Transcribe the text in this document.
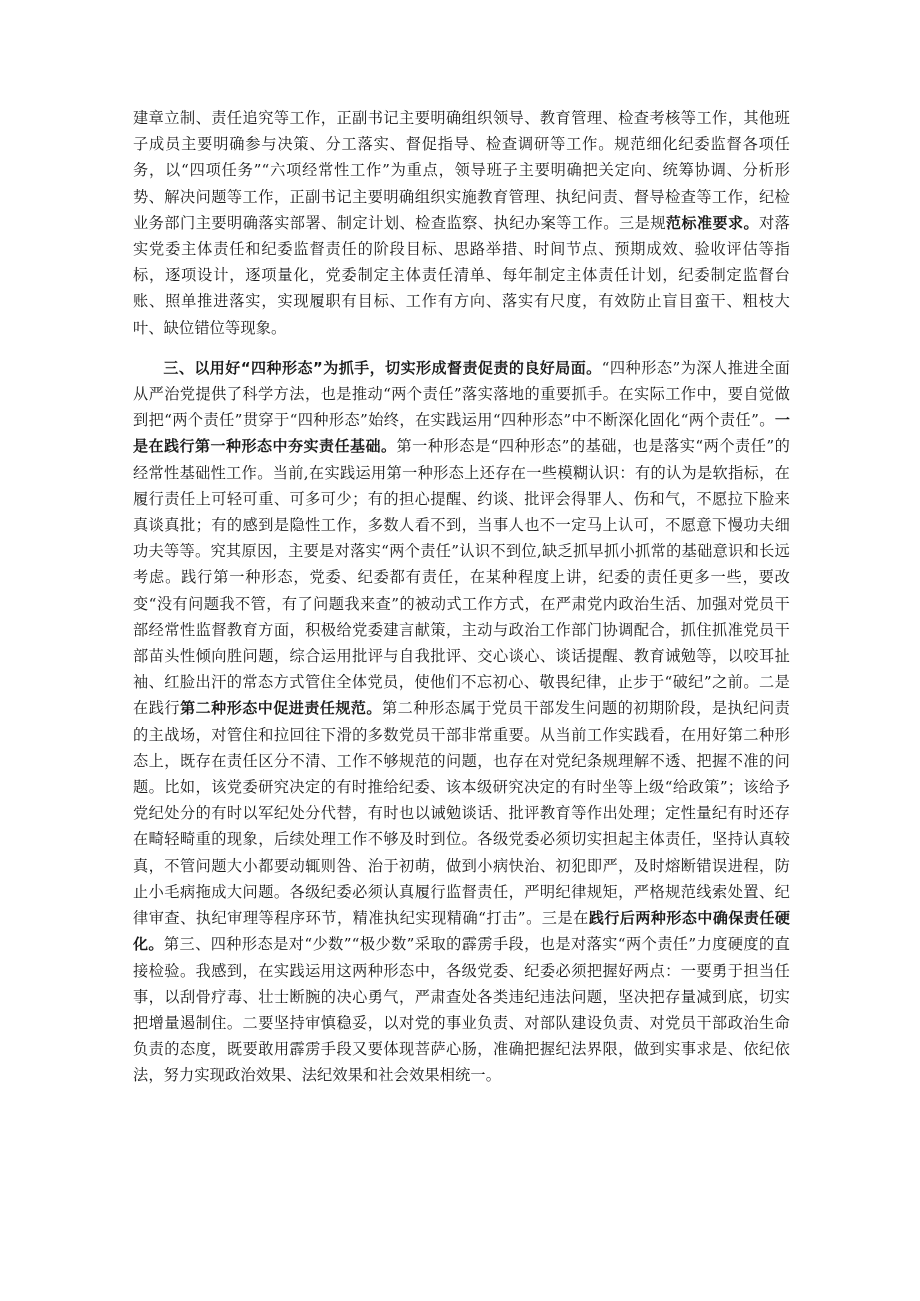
建章立制、责任追究等工作，正副书记主要明确组织领导、教育管理、检查考核等工作，其他班子成员主要明确参与决策、分工落实、督促指导、检查调研等工作。规范细化纪委监督各项任务，以“四项任务”“六项经常性工作”为重点，领导班子主要明确把关定向、统筹协调、分析形势、解决问题等工作，正副书记主要明确组织实施教育管理、执纪问责、督导检查等工作，纪检业务部门主要明确落实部署、制定计划、检查监察、执纪办案等工作。三是规范标准要求。对落实党委主体责任和纪委监督责任的阶段目标、思路举措、时间节点、预期成效、验收评估等指标，逐项设计，逐项量化，党委制定主体责任清单、每年制定主体责任计划，纪委制定监督台账、照单推进落实，实现履职有目标、工作有方向、落实有尺度，有效防止盲目蛮干、粗枝大叶、缺位错位等现象。

三、以用好“四种形态”为抓手，切实形成督责促责的良好局面。“四种形态”为深人推进全面从严治党提供了科学方法，也是推动“两个责任”落实落地的重要抓手。在实际工作中，要自觉做到把“两个责任”贯穿于“四种形态”始终，在实践运用“四种形态”中不断深化固化“两个责任”。一是在践行第一种形态中夯实责任基础。第一种形态是“四种形态”的基础，也是落实“两个责任”的经常性基础性工作。当前,在实践运用第一种形态上还存在一些模糊认识：有的认为是软指标，在履行责任上可轻可重、可多可少；有的担心提醒、约谈、批评会得罪人、伤和气，不愿拉下脸来真谈真批；有的感到是隐性工作，多数人看不到，当事人也不一定马上认可，不愿意下慢功夫细功夫等等。究其原因，主要是对落实“两个责任”认识不到位,缺乏抓早抓小抓常的基础意识和长远考虑。践行第一种形态，党委、纪委都有责任，在某种程度上讲，纪委的责任更多一些，要改变“没有问题我不管，有了问题我来查”的被动式工作方式，在严肃党内政治生活、加强对党员干部经常性监督教育方面，积极给党委建言献策，主动与政治工作部门协调配合，抓住抓准党员干部苗头性倾向胜问题，综合运用批评与自我批评、交心谈心、谈话提醒、教育诫勉等，以咬耳扯袖、红脸出汗的常态方式管住全体党员，使他们不忘初心、敬畏纪律，止步于“破纪”之前。二是在践行第二种形态中促进责任规范。第二种形态属于党员干部发生问题的初期阶段，是执纪问责的主战场，对管住和拉回往下滑的多数党员干部非常重要。从当前工作实践看，在用好第二种形态上，既存在责任区分不清、工作不够规范的问题，也存在对党纪条规理解不透、把握不准的问题。比如，该党委研究决定的有时推给纪委、该本级研究决定的有时坐等上级“给政策”；该给予党纪处分的有时以军纪处分代替，有时也以诫勉谈话、批评教育等作出处理；定性量纪有时还存在畸轻畸重的现象，后续处理工作不够及时到位。各级党委必须切实担起主体责任，坚持认真较真，不管问题大小都要动辄则咎、治于初萌，做到小病快治、初犯即严，及时熔断错误进程，防止小毛病拖成大问题。各级纪委必须认真履行监督责任，严明纪律规矩，严格规范线索处置、纪律审查、执纪审理等程序环节，精准执纪实现精确“打击”。三是在践行后两种形态中确保责任硬化。第三、四种形态是对“少数”“极少数”采取的霹雳手段，也是对落实“两个责任”力度硬度的直接检验。我感到，在实践运用这两种形态中，各级党委、纪委必须把握好两点：一要勇于担当任事，以刮骨疗毒、壮士断腕的决心勇气，严肃查处各类违纪违法问题，坚决把存量减到底，切实把增量遏制住。二要坚持审慎稳妥，以对党的事业负责、对部队建设负责、对党员干部政治生命负责的态度，既要敢用霹雳手段又要体现菩萨心肠，准确把握纪法界限，做到实事求是、依纪依法，努力实现政治效果、法纪效果和社会效果相统一。
